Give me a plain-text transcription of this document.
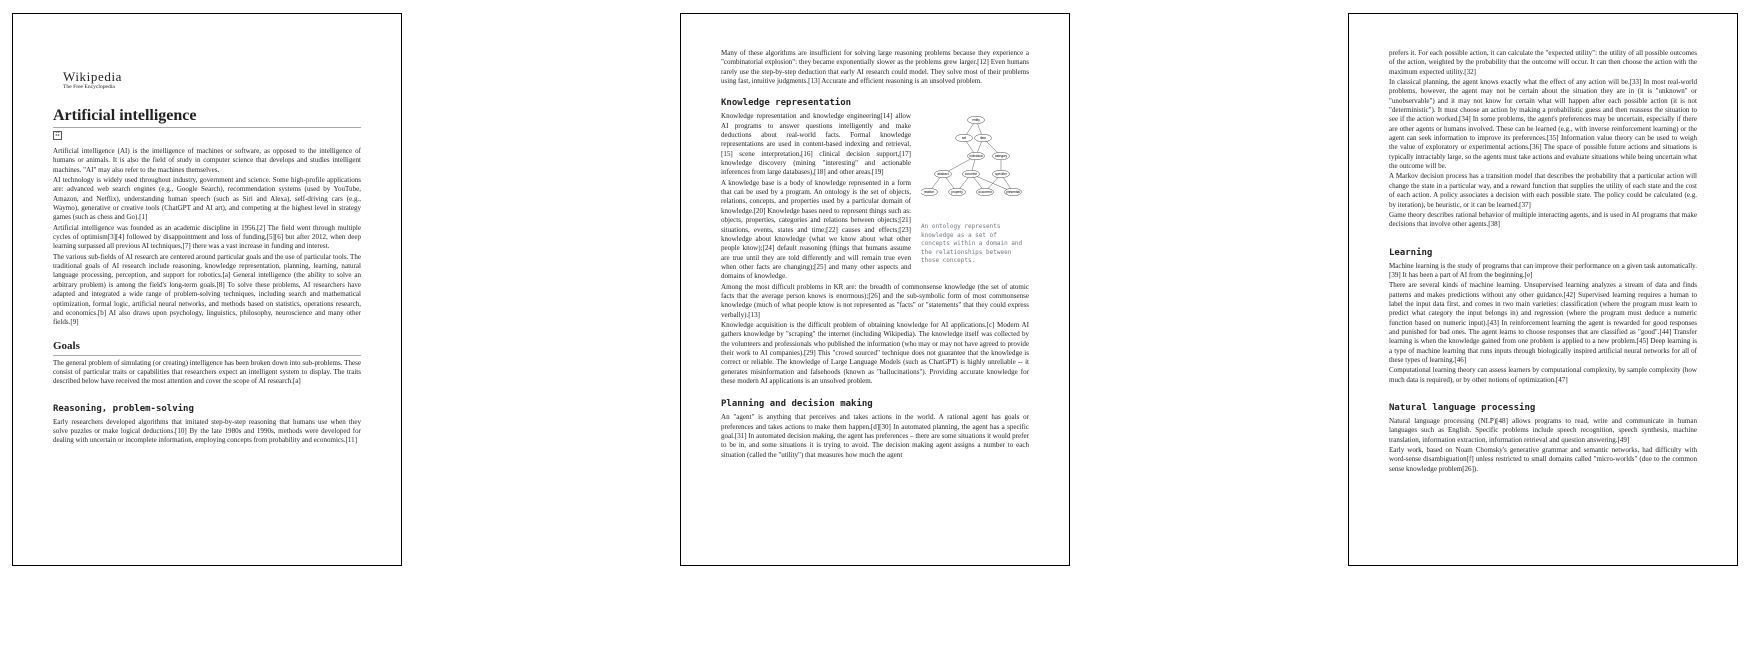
Wikipedia
The Free Encyclopedia
Artificial intelligence
☷

Artificial intelligence (AI) is the intelligence of machines or software, as opposed to the intelligence of humans or animals. It is also the field of study in computer science that develops and studies intelligent machines. "AI" may also refer to the machines themselves.

AI technology is widely used throughout industry, government and science. Some high-profile applications are: advanced web search engines (e.g., Google Search), recommendation systems (used by YouTube, Amazon, and Netflix), understanding human speech (such as Siri and Alexa), self-driving cars (e.g., Waymo), generative or creative tools (ChatGPT and AI art), and competing at the highest level in strategy games (such as chess and Go).[1]

Artificial intelligence was founded as an academic discipline in 1956.[2] The field went through multiple cycles of optimism[3][4] followed by disappointment and loss of funding,[5][6] but after 2012, when deep learning surpassed all previous AI techniques,[7] there was a vast increase in funding and interest.

The various sub-fields of AI research are centered around particular goals and the use of particular tools. The traditional goals of AI research include reasoning, knowledge representation, planning, learning, natural language processing, perception, and support for robotics.[a] General intelligence (the ability to solve an arbitrary problem) is among the field's long-term goals.[8] To solve these problems, AI researchers have adapted and integrated a wide range of problem-solving techniques, including search and mathematical optimization, formal logic, artificial neural networks, and methods based on statistics, operations research, and economics.[b] AI also draws upon psychology, linguistics, philosophy, neuroscience and many other fields.[9]

Goals

The general problem of simulating (or creating) intelligence has been broken down into sub-problems. These consist of particular traits or capabilities that researchers expect an intelligent system to display. The traits described below have received the most attention and cover the scope of AI research.[a]

Reasoning, problem-solving

Early researchers developed algorithms that imitated step-by-step reasoning that humans use when they solve puzzles or make logical deductions.[10] By the late 1980s and 1990s, methods were developed for dealing with uncertain or incomplete information, employing concepts from probability and economics.[11]

Many of these algorithms are insufficient for solving large reasoning problems because they experience a "combinatorial explosion": they became exponentially slower as the problems grew larger.[12] Even humans rarely use the step-by-step deduction that early AI research could model. They solve most of their problems using fast, intuitive judgments.[13] Accurate and efficient reasoning is an unsolved problem.

Knowledge representation
entity
set	item
individual	category
abstract	concrete	specifier
relation	property	occurrent	presential
An ontology represents knowledge as a set of concepts within a domain and the relationships between those concepts.

Knowledge representation and knowledge engineering[14] allow AI programs to answer questions intelligently and make deductions about real-world facts. Formal knowledge representations are used in content-based indexing and retrieval,[15] scene interpretation,[16] clinical decision support,[17] knowledge discovery (mining "interesting" and actionable inferences from large databases),[18] and other areas.[19]

A knowledge base is a body of knowledge represented in a form that can be used by a program. An ontology is the set of objects, relations, concepts, and properties used by a particular domain of knowledge.[20] Knowledge bases need to represent things such as: objects, properties, categories and relations between objects;[21] situations, events, states and time;[22] causes and effects;[23] knowledge about knowledge (what we know about what other people know);[24] default reasoning (things that humans assume are true until they are told differently and will remain true even when other facts are changing);[25] and many other aspects and domains of knowledge.

Among the most difficult problems in KR are: the breadth of commonsense knowledge (the set of atomic facts that the average person knows is enormous);[26] and the sub-symbolic form of most commonsense knowledge (much of what people know is not represented as "facts" or "statements" that they could express verbally).[13]

Knowledge acquisition is the difficult problem of obtaining knowledge for AI applications.[c] Modern AI gathers knowledge by "scraping" the internet (including Wikipedia). The knowledge itself was collected by the volunteers and professionals who published the information (who may or may not have agreed to provide their work to AI companies).[29] This "crowd sourced" technique does not guarantee that the knowledge is correct or reliable. The knowledge of Large Language Models (such as ChatGPT) is highly unreliable -- it generates misinformation and falsehoods (known as "hallucinations"). Providing accurate knowledge for these modern AI applications is an unsolved problem.

Planning and decision making

An "agent" is anything that perceives and takes actions in the world. A rational agent has goals or preferences and takes actions to make them happen.[d][30] In automated planning, the agent has a specific goal.[31] In automated decision making, the agent has preferences – there are some situations it would prefer to be in, and some situations it is trying to avoid. The decision making agent assigns a number to each situation (called the "utility") that measures how much the agent

prefers it. For each possible action, it can calculate the "expected utility": the utility of all possible outcomes of the action, weighted by the probability that the outcome will occur. It can then choose the action with the maximum expected utility.[32]

In classical planning, the agent knows exactly what the effect of any action will be.[33] In most real-world problems, however, the agent may not be certain about the situation they are in (it is "unknown" or "unobservable") and it may not know for certain what will happen after each possible action (it is not "deterministic"). It must choose an action by making a probabilistic guess and then reassess the situation to see if the action worked.[34] In some problems, the agent's preferences may be uncertain, especially if there are other agents or humans involved. These can be learned (e.g., with inverse reinforcement learning) or the agent can seek information to improve its preferences.[35] Information value theory can be used to weigh the value of exploratory or experimental actions.[36] The space of possible future actions and situations is typically intractably large, so the agents must take actions and evaluate situations while being uncertain what the outcome will be.

A Markov decision process has a transition model that describes the probability that a particular action will change the state in a particular way, and a reward function that supplies the utility of each state and the cost of each action. A policy associates a decision with each possible state. The policy could be calculated (e.g. by iteration), be heuristic, or it can be learned.[37]

Game theory describes rational behavior of multiple interacting agents, and is used in AI programs that make decisions that involve other agents.[38]

Learning

Machine learning is the study of programs that can improve their performance on a given task automatically.[39] It has been a part of AI from the beginning.[e]

There are several kinds of machine learning. Unsupervised learning analyzes a stream of data and finds patterns and makes predictions without any other guidance.[42] Supervised learning requires a human to label the input data first, and comes in two main varieties: classification (where the program must learn to predict what category the input belongs in) and regression (where the program must deduce a numeric function based on numeric input).[43] In reinforcement learning the agent is rewarded for good responses and punished for bad ones. The agent learns to choose responses that are classified as "good".[44] Transfer learning is when the knowledge gained from one problem is applied to a new problem.[45] Deep learning is a type of machine learning that runs inputs through biologically inspired artificial neural networks for all of these types of learning.[46]

Computational learning theory can assess learners by computational complexity, by sample complexity (how much data is required), or by other notions of optimization.[47]

Natural language processing

Natural language processing (NLP)[48] allows programs to read, write and communicate in human languages such as English. Specific problems include speech recognition, speech synthesis, machine translation, information extraction, information retrieval and question answering.[49]

Early work, based on Noam Chomsky's generative grammar and semantic networks, had difficulty with word-sense disambiguation[f] unless restricted to small domains called "micro-worlds" (due to the common sense knowledge problem[26]).
